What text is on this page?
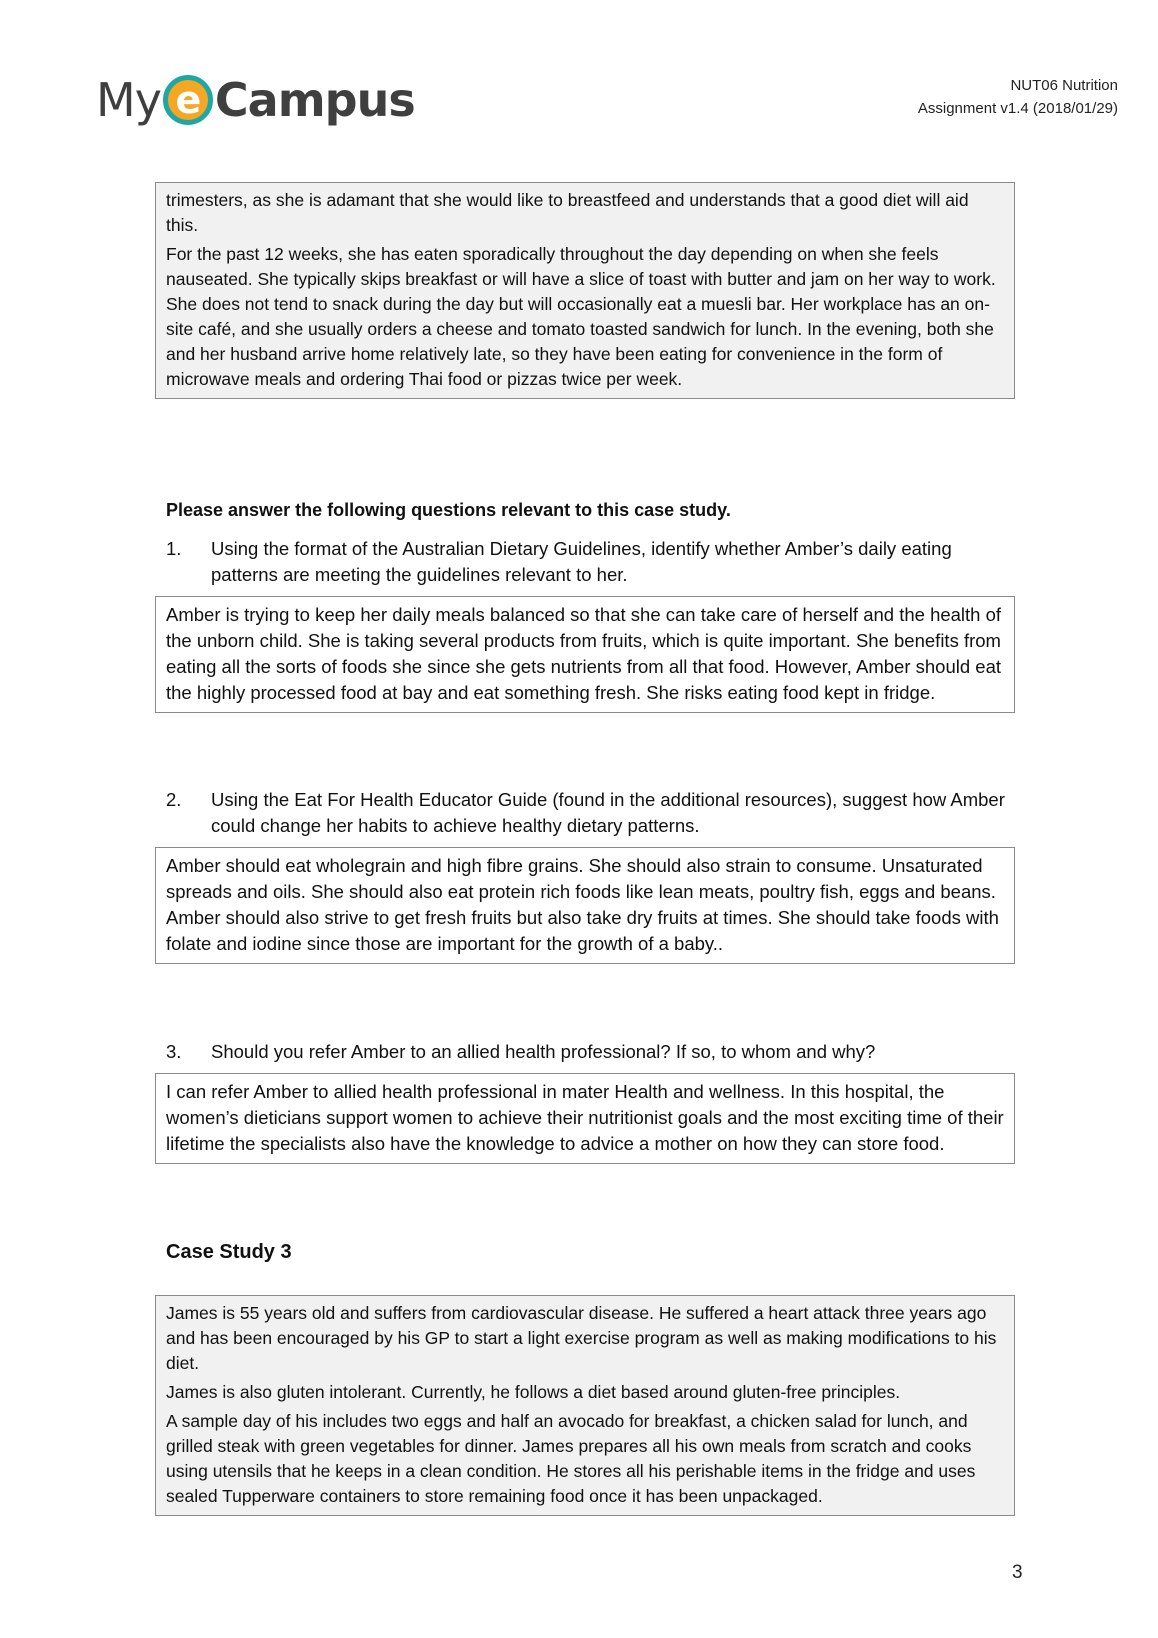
My e Campus	NUT06 Nutrition
Assignment v1.4 (2018/01/29)

trimesters, as she is adamant that she would like to breastfeed and understands that a good diet will aid this.

For the past 12 weeks, she has eaten sporadically throughout the day depending on when she feels nauseated. She typically skips breakfast or will have a slice of toast with butter and jam on her way to work. She does not tend to snack during the day but will occasionally eat a muesli bar. Her workplace has an on-site café, and she usually orders a cheese and tomato toasted sandwich for lunch. In the evening, both she and her husband arrive home relatively late, so they have been eating for convenience in the form of microwave meals and ordering Thai food or pizzas twice per week.

Please answer the following questions relevant to this case study.
1.	Using the format of the Australian Dietary Guidelines, identify whether Amber’s daily eating patterns are meeting the guidelines relevant to her.

Amber is trying to keep her daily meals balanced so that she can take care of herself and the health of the unborn child. She is taking several products from fruits, which is quite important. She benefits from eating all the sorts of foods she since she gets nutrients from all that food. However, Amber should eat the highly processed food at bay and eat something fresh. She risks eating food kept in fridge.

2.	Using the Eat For Health Educator Guide (found in the additional resources), suggest how Amber could change her habits to achieve healthy dietary patterns.

Amber should eat wholegrain and high fibre grains. She should also strain to consume. Unsaturated spreads and oils. She should also eat protein rich foods like lean meats, poultry fish, eggs and beans. Amber should also strive to get fresh fruits but also take dry fruits at times. She should take foods with folate and iodine since those are important for the growth of a baby..

3.	Should you refer Amber to an allied health professional? If so, to whom and why?

I can refer Amber to allied health professional in mater Health and wellness. In this hospital, the women’s dieticians support women to achieve their nutritionist goals and the most exciting time of their lifetime the specialists also have the knowledge to advice a mother on how they can store food.

Case Study 3

James is 55 years old and suffers from cardiovascular disease. He suffered a heart attack three years ago and has been encouraged by his GP to start a light exercise program as well as making modifications to his diet.

James is also gluten intolerant. Currently, he follows a diet based around gluten-free principles.

A sample day of his includes two eggs and half an avocado for breakfast, a chicken salad for lunch, and grilled steak with green vegetables for dinner. James prepares all his own meals from scratch and cooks using utensils that he keeps in a clean condition. He stores all his perishable items in the fridge and uses sealed Tupperware containers to store remaining food once it has been unpackaged.

3
